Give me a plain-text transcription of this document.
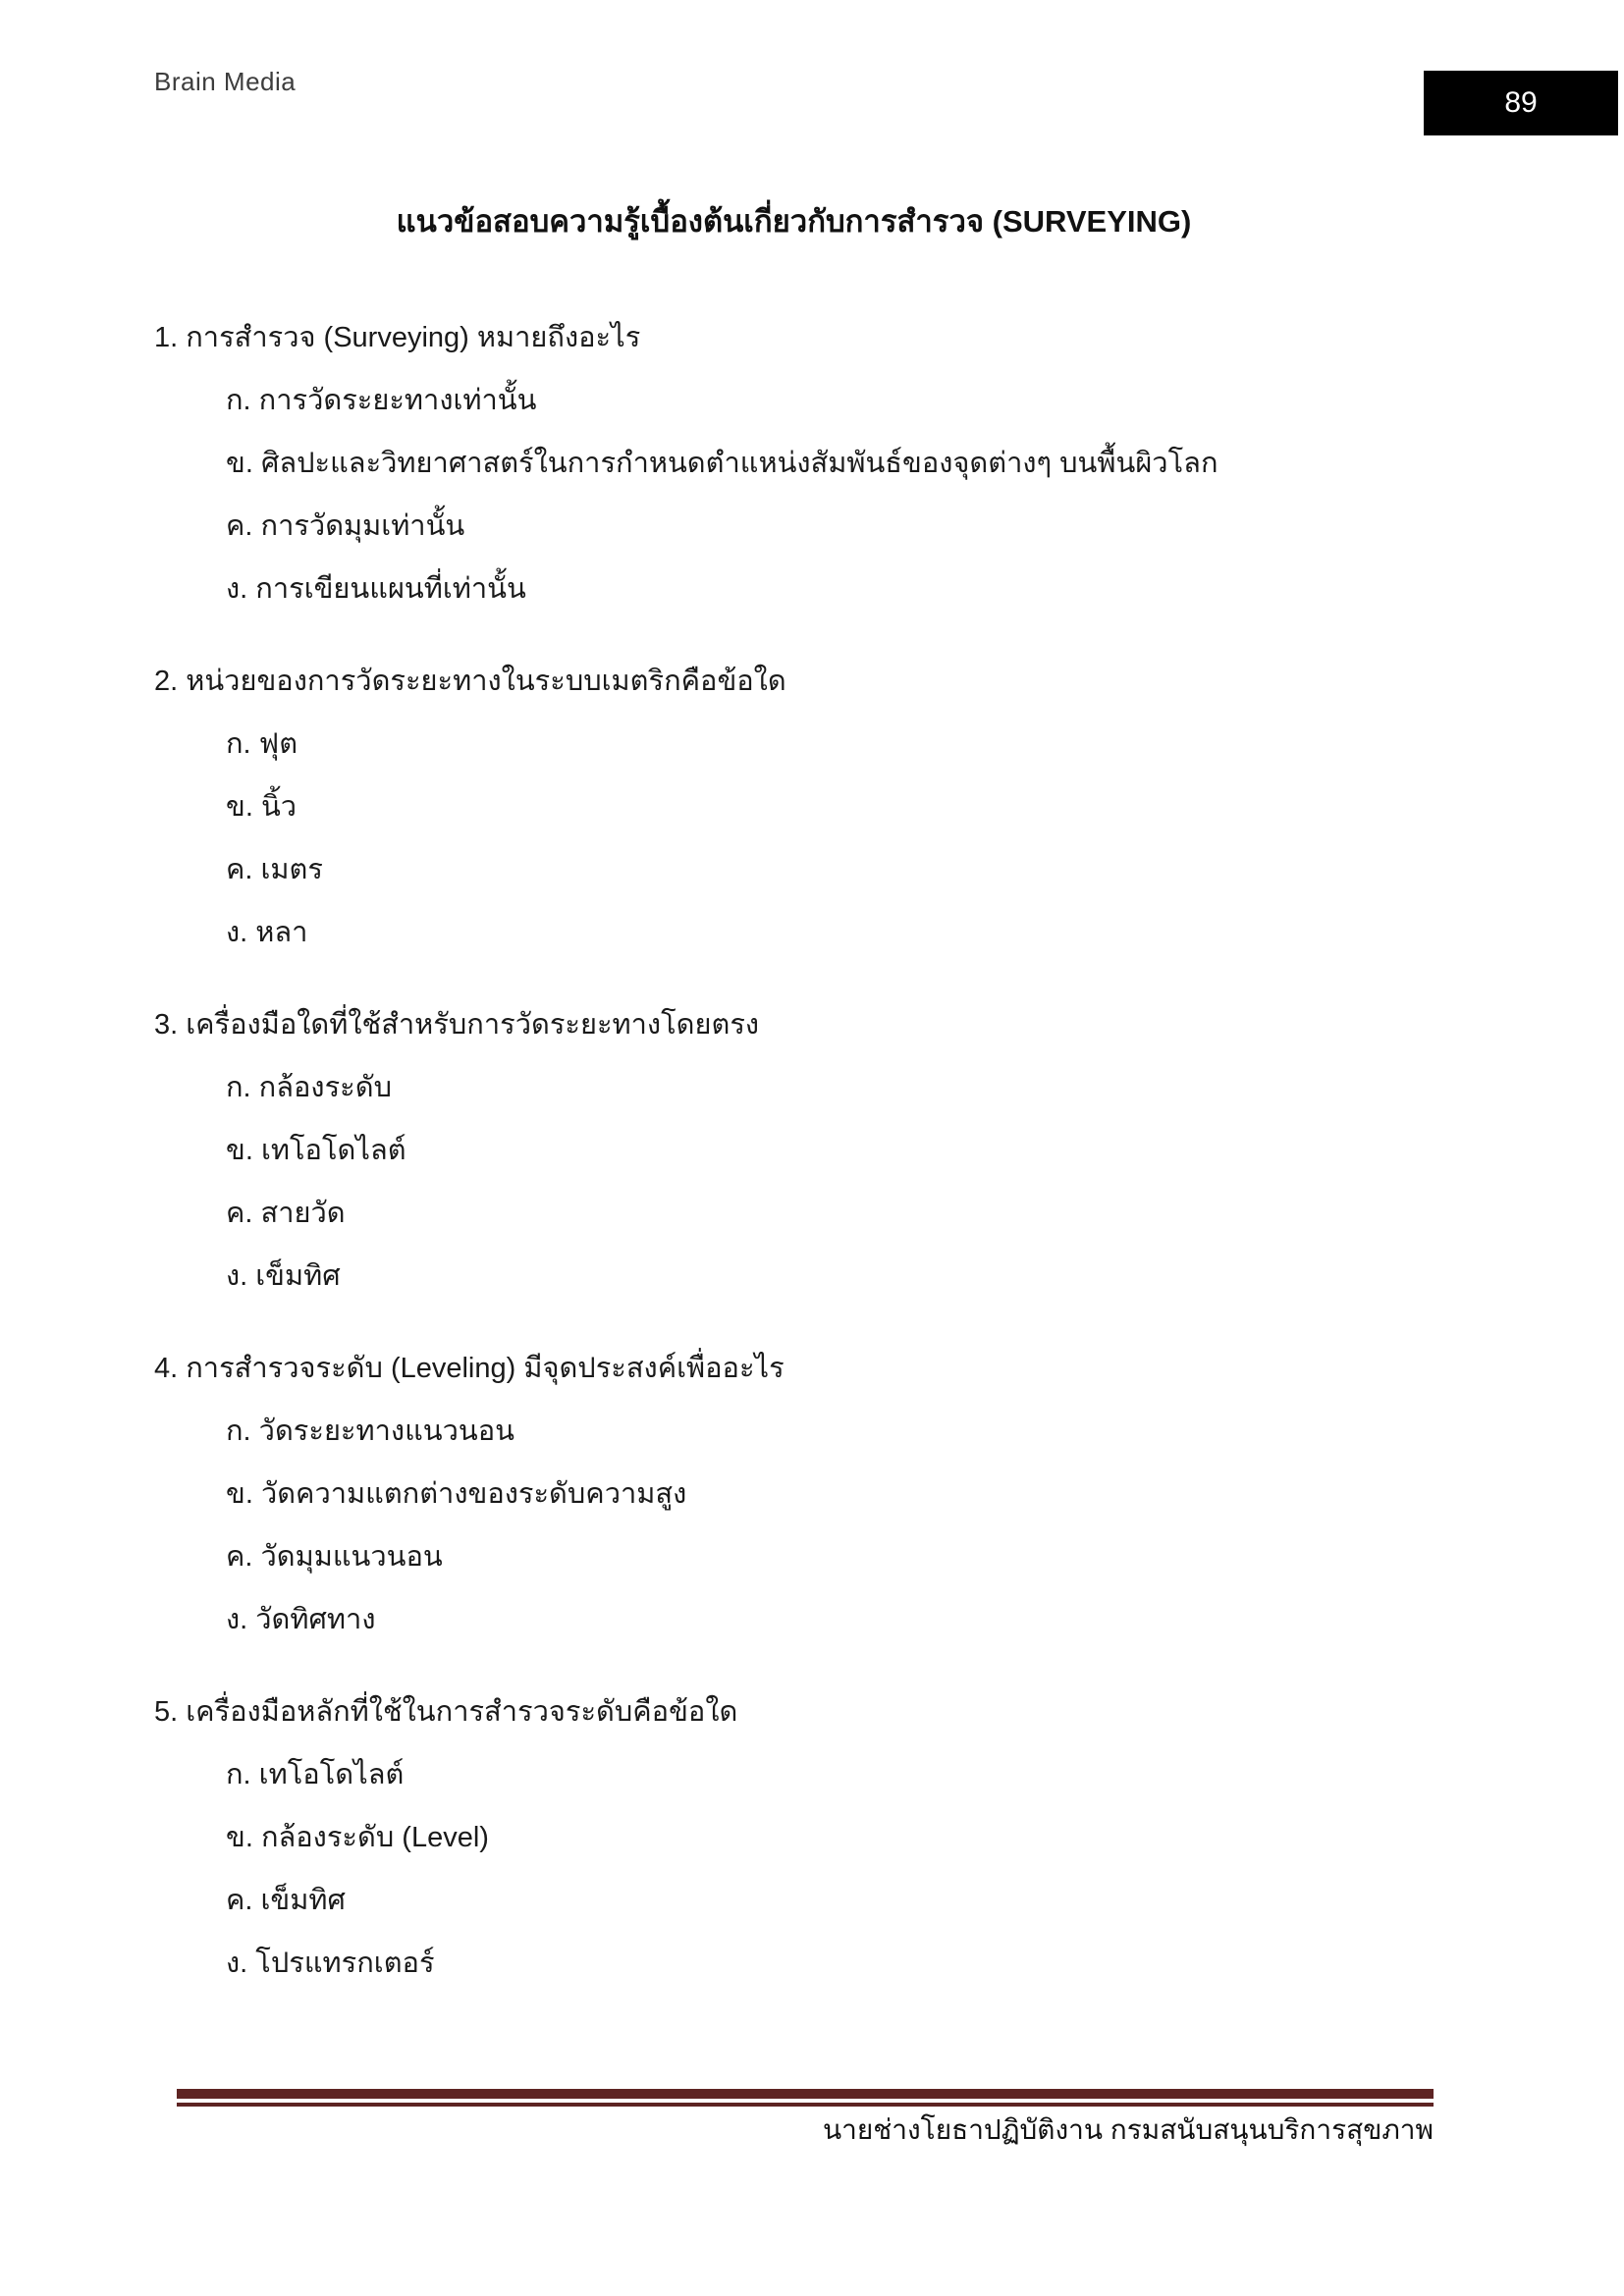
Brain Media
89
แนวข้อสอบความรู้เบื้องต้นเกี่ยวกับการสำรวจ (SURVEYING)

1. การสำรวจ (Surveying) หมายถึงอะไร

ก. การวัดระยะทางเท่านั้น

ข. ศิลปะและวิทยาศาสตร์ในการกำหนดตำแหน่งสัมพันธ์ของจุดต่างๆ บนพื้นผิวโลก

ค. การวัดมุมเท่านั้น

ง. การเขียนแผนที่เท่านั้น

2. หน่วยของการวัดระยะทางในระบบเมตริกคือข้อใด

ก. ฟุต

ข. นิ้ว

ค. เมตร

ง. หลา

3. เครื่องมือใดที่ใช้สำหรับการวัดระยะทางโดยตรง

ก. กล้องระดับ

ข. เทโอโดไลต์

ค. สายวัด

ง. เข็มทิศ

4. การสำรวจระดับ (Leveling) มีจุดประสงค์เพื่ออะไร

ก. วัดระยะทางแนวนอน

ข. วัดความแตกต่างของระดับความสูง

ค. วัดมุมแนวนอน

ง. วัดทิศทาง

5. เครื่องมือหลักที่ใช้ในการสำรวจระดับคือข้อใด

ก. เทโอโดไลต์

ข. กล้องระดับ (Level)

ค. เข็มทิศ

ง. โปรแทรกเตอร์

นายช่างโยธาปฏิบัติงาน กรมสนับสนุนบริการสุขภาพ
